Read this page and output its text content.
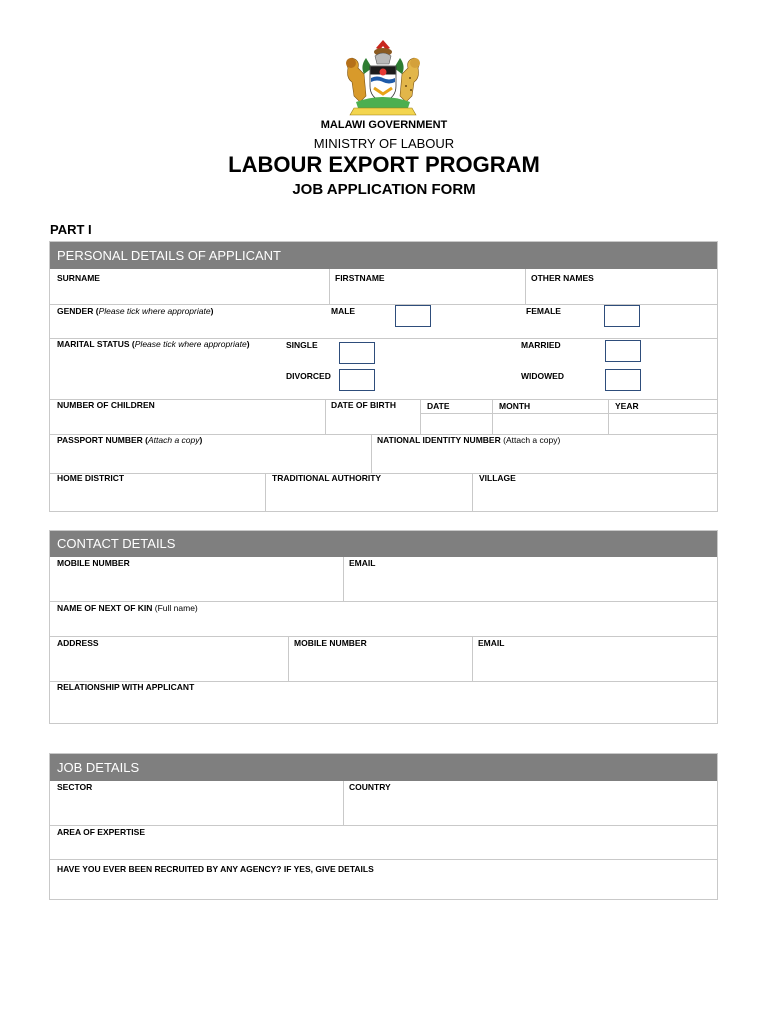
MALAWI GOVERNMENT
MINISTRY OF LABOUR
LABOUR EXPORT PROGRAM
JOB APPLICATION FORM
PART I
PERSONAL DETAILS OF APPLICANT
SURNAME	FIRSTNAME	OTHER NAMES
GENDER (Please tick where appropriate)	MALE	FEMALE
MARITAL STATUS (Please tick where appropriate)	SINGLE	MARRIED
DIVORCED	WIDOWED
NUMBER OF CHILDREN	DATE OF BIRTH	DATE	MONTH	YEAR
PASSPORT NUMBER (Attach a copy)	NATIONAL IDENTITY NUMBER (Attach a copy)
HOME DISTRICT	TRADITIONAL AUTHORITY	VILLAGE
CONTACT DETAILS
MOBILE NUMBER	EMAIL
NAME OF NEXT OF KIN (Full name)
ADDRESS	MOBILE NUMBER	EMAIL
RELATIONSHIP WITH APPLICANT
JOB DETAILS
SECTOR	COUNTRY
AREA OF EXPERTISE
HAVE YOU EVER BEEN RECRUITED BY ANY AGENCY? IF YES, GIVE DETAILS
